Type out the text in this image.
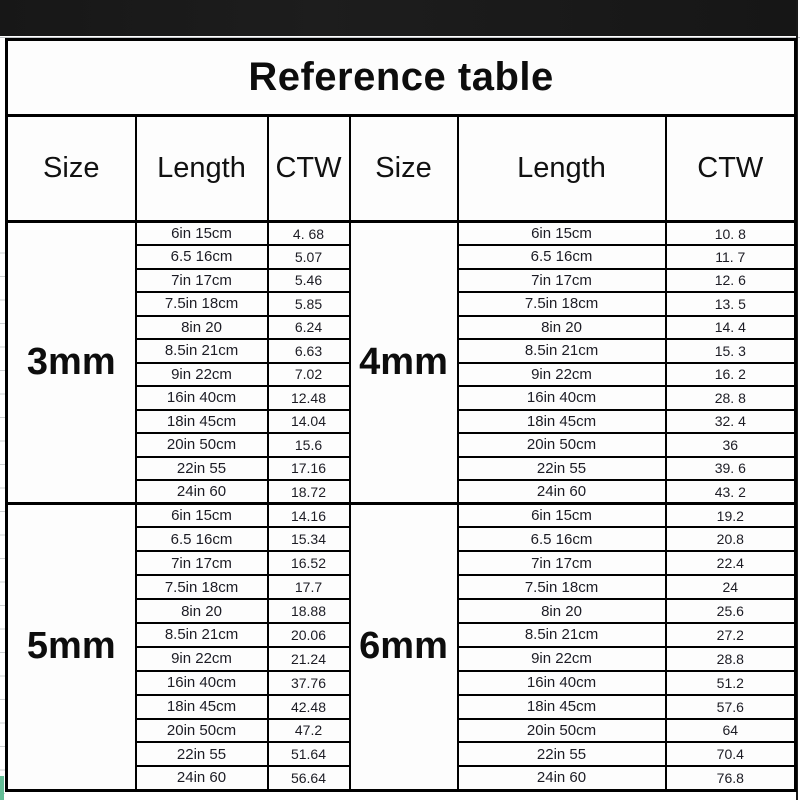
Reference table					
Size	Length	CTW	Size	Length	CTW
3mm	6in 15cm	4. 68	4mm	6in 15cm	10. 8
	6.5 16cm	5.07		6.5 16cm	11. 7
	7in 17cm	5.46		7in 17cm	12. 6
	7.5in 18cm	5.85		7.5in 18cm	13. 5
	8in 20	6.24		8in 20	14. 4
	8.5in 21cm	6.63		8.5in 21cm	15. 3
	9in 22cm	7.02		9in 22cm	16. 2
	16in 40cm	12.48		16in 40cm	28. 8
	18in 45cm	14.04		18in 45cm	32. 4
	20in 50cm	15.6		20in 50cm	36
	22in 55	17.16		22in 55	39. 6
	24in 60	18.72		24in 60	43. 2
5mm	6in 15cm	14.16	6mm	6in 15cm	19.2
	6.5 16cm	15.34		6.5 16cm	20.8
	7in 17cm	16.52		7in 17cm	22.4
	7.5in 18cm	17.7		7.5in 18cm	24
	8in 20	18.88		8in 20	25.6
	8.5in 21cm	20.06		8.5in 21cm	27.2
	9in 22cm	21.24		9in 22cm	28.8
	16in 40cm	37.76		16in 40cm	51.2
	18in 45cm	42.48		18in 45cm	57.6
	20in 50cm	47.2		20in 50cm	64
	22in 55	51.64		22in 55	70.4
	24in 60	56.64		24in 60	76.8
